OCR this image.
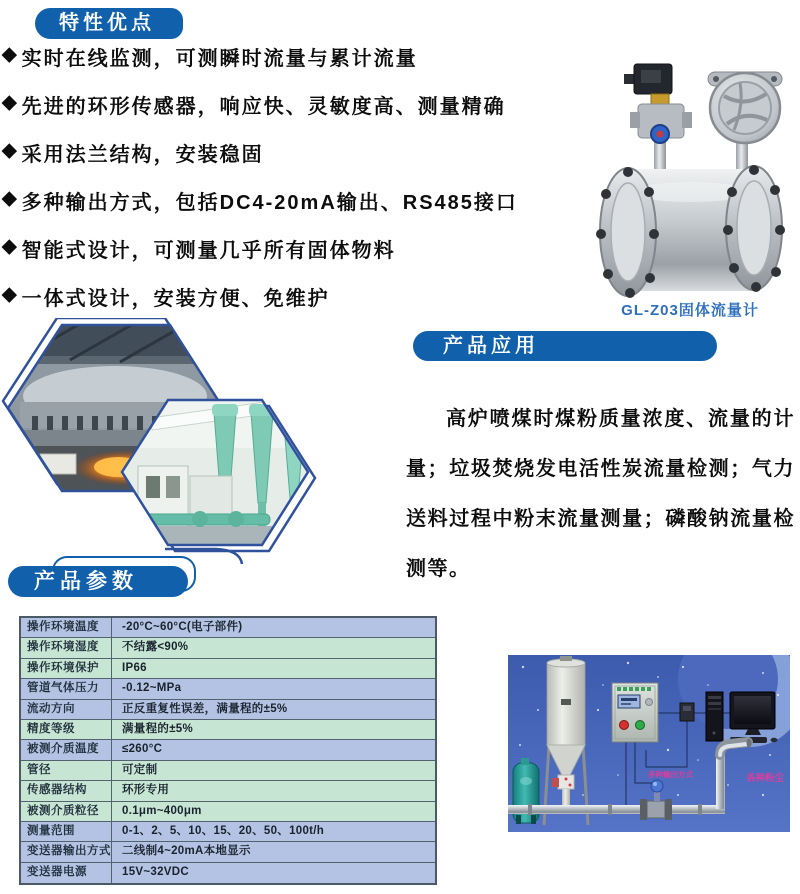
特性优点
◆ 实时在线监测，可测瞬时流量与累计流量
◆ 先进的环形传感器，响应快、灵敏度高、测量精确
◆ 采用法兰结构，安装稳固
◆ 多种输出方式，包括DC4-20mA输出、RS485接口
◆ 智能式设计，可测量几乎所有固体物料
◆ 一体式设计，安装方便、免维护
GL-Z03固体流量计
产品应用

高炉喷煤时煤粉质量浓度、流量的计量；垃圾焚烧发电活性炭流量检测；气力送料过程中粉末流量测量；磷酸钠流量检测等。

产品参数
操作环境温度	-20°C~60°C(电子部件)
操作环境湿度	不结露<90%
操作环境保护	IP66
管道气体压力	-0.12~MPa
流动方向	正反重复性误差，满量程的±5%
精度等级	满量程的±5%
被测介质温度	≤260°C
管径	可定制
传感器结构	环形专用
被测介质粒径	0.1μm~400μm
测量范围	0-1、2、5、10、15、20、50、100t/h
变送器输出方式 二线制4~20mA本地显示
变送器电源	15V~32VDC
多种输出方式	各种粉尘
